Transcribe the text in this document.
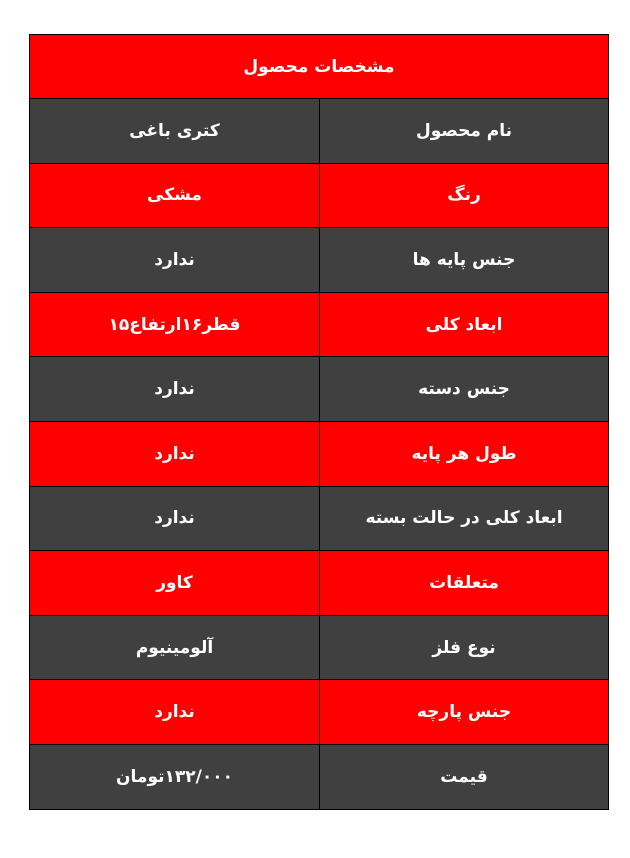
مشخصات محصول	
نام محصول	کتری باغی
رنگ	مشکی
جنس پایه ها	ندارد
ابعاد کلی	قطر۱۶ارتفاع۱۵
جنس دسته	ندارد
طول هر پایه	ندارد
ابعاد کلی در حالت بسته	ندارد
متعلقات	کاور
نوع فلز	آلومینیوم
جنس پارچه	ندارد
قیمت	۱۳۲/۰۰۰تومان
